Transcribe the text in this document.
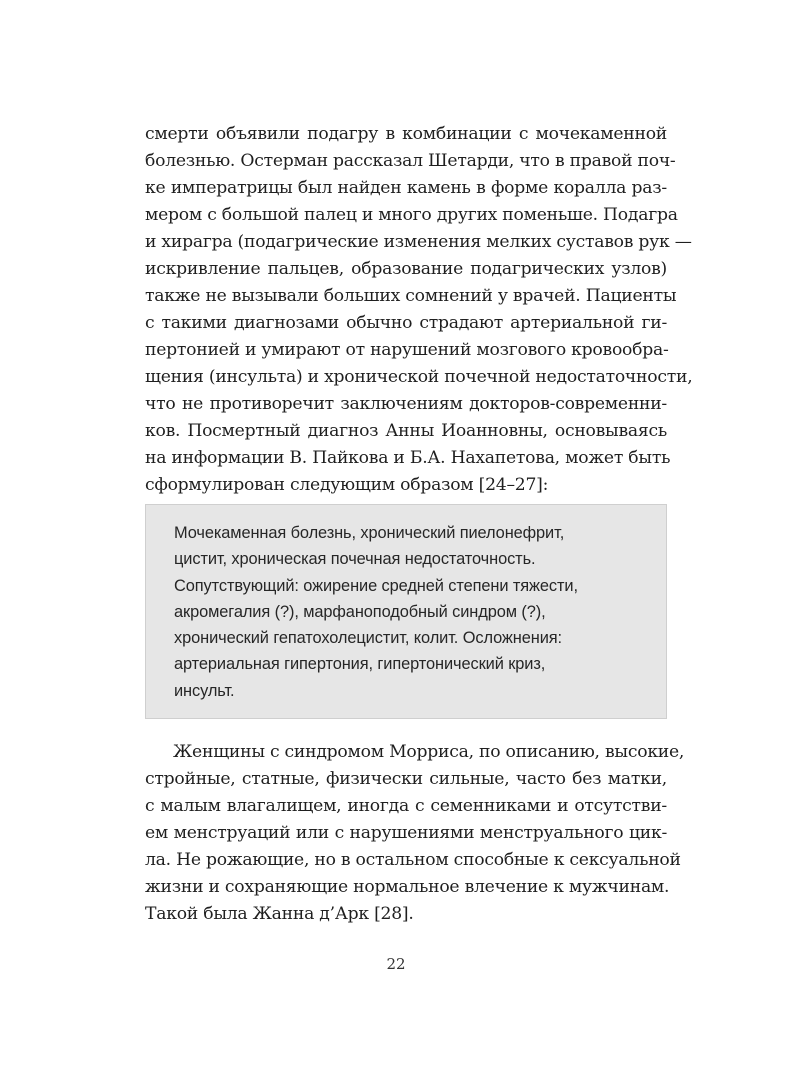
смерти объявили подагру в комбинации с мочекаменной
болезнью. Остерман рассказал Шетарди, что в правой поч-
ке императрицы был найден камень в форме коралла раз-
мером с большой палец и много других поменьше. Подагра
и хирагра (подагрические изменения мелких суставов рук —
искривление пальцев, образование подагрических узлов)
также не вызывали больших сомнений у врачей. Пациенты
с такими диагнозами обычно страдают артериальной ги-
пертонией и умирают от нарушений мозгового кровообра-
щения (инсульта) и хронической почечной недостаточности,
что не противоречит заключениям докторов-современни-
ков. Посмертный диагноз Анны Иоанновны, основываясь
на информации В. Пайкова и Б.А. Нахапетова, может быть
сформулирован следующим образом [24–27]:
Мочекаменная болезнь, хронический пиелонефрит,
цистит, хроническая почечная недостаточность.
Сопутствующий: ожирение средней степени тяжести,
акромегалия (?), марфаноподобный синдром (?),
хронический гепатохолецистит, колит. Осложнения:
артериальная гипертония, гипертонический криз,
инсульт.
Женщины с синдромом Морриса, по описанию, высокие,
стройные, статные, физически сильные, часто без матки,
с малым влагалищем, иногда с семенниками и отсутстви-
ем менструаций или с нарушениями менструального цик-
ла. Не рожающие, но в остальном способные к сексуальной
жизни и сохраняющие нормальное влечение к мужчинам.
Такой была Жанна д’Арк [28].
22
